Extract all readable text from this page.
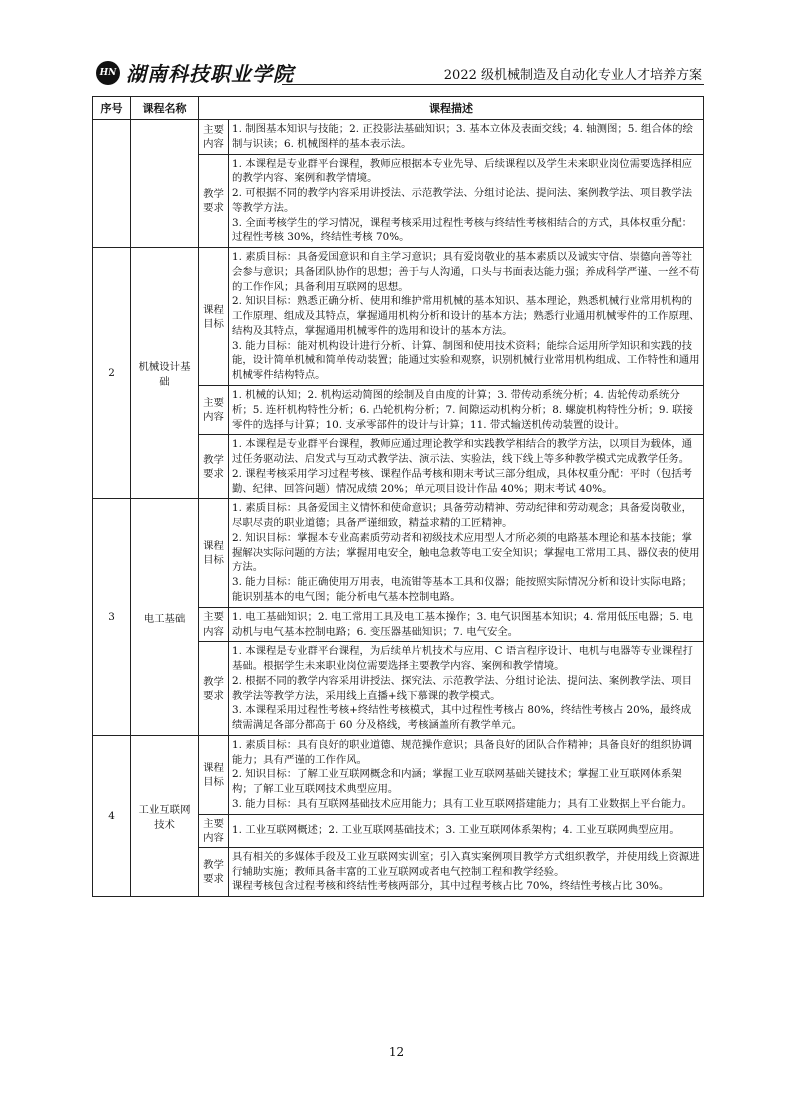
HN 湖南科技职业学院	2022 级机械制造及自动化专业人才培养方案
序号	课程名称	课程描述	
		主要内容	1. 制图基本知识与技能；2. 正投影法基础知识；3. 基本立体及表面交线；4. 轴测图；5. 组合体的绘制与识读；6. 机械图样的基本表示法。
		教学要求	1. 本课程是专业群平台课程，教师应根据本专业先导、后续课程以及学生未来职业岗位需要选择相应的教学内容、案例和教学情境。
2. 可根据不同的教学内容采用讲授法、示范教学法、分组讨论法、提问法、案例教学法、项目教学法等教学方法。
3. 全面考核学生的学习情况，课程考核采用过程性考核与终结性考核相结合的方式，具体权重分配：过程性考核 30%，终结性考核 70%。

2	机械设计基础	课程目标	1. 素质目标：具备爱国意识和自主学习意识；具有爱岗敬业的基本素质以及诚实守信、崇德向善等社会参与意识；具备团队协作的思想；善于与人沟通，口头与书面表达能力强；养成科学严谨、一丝不苟的工作作风；具备利用互联网的思想。
2. 知识目标：熟悉正确分析、使用和维护常用机械的基本知识、基本理论，熟悉机械行业常用机构的工作原理、组成及其特点，掌握通用机构分析和设计的基本方法；熟悉行业通用机械零件的工作原理、结构及其特点，掌握通用机械零件的选用和设计的基本方法。
3. 能力目标：能对机构设计进行分析、计算、制图和使用技术资料；能综合运用所学知识和实践的技能，设计简单机械和简单传动装置；能通过实验和观察，识别机械行业常用机构组成、工作特性和通用机械零件结构特点。

		主要内容	1. 机械的认知；2. 机构运动简图的绘制及自由度的计算；3. 带传动系统分析；4. 齿轮传动系统分析；5. 连杆机构特性分析；6. 凸轮机构分析；7. 间隙运动机构分析；8. 螺旋机构特性分析；9. 联接零件的选择与计算；10. 支承零部件的设计与计算；11. 带式输送机传动装置的设计。
		教学要求	1. 本课程是专业群平台课程，教师应通过理论教学和实践教学相结合的教学方法，以项目为载体，通过任务驱动法、启发式与互动式教学法、演示法、实验法，线下线上等多种教学模式完成教学任务。
2. 课程考核采用学习过程考核、课程作品考核和期末考试三部分组成，具体权重分配：平时（包括考勤、纪律、回答问题）情况成绩 20%；单元项目设计作品 40%；期末考试 40%。

3	电工基础	课程目标	1. 素质目标：具备爱国主义情怀和使命意识；具备劳动精神、劳动纪律和劳动观念；具备爱岗敬业，尽职尽责的职业道德；具备严谨细致，精益求精的工匠精神。
2. 知识目标：掌握本专业高素质劳动者和初级技术应用型人才所必须的电路基本理论和基本技能；掌握解决实际问题的方法；掌握用电安全，触电急救等电工安全知识；掌握电工常用工具、器仪表的使用方法。
3. 能力目标：能正确使用万用表，电流钳等基本工具和仪器；能按照实际情况分析和设计实际电路；能识别基本的电气图；能分析电气基本控制电路。

		主要内容	1. 电工基础知识；2. 电工常用工具及电工基本操作；3. 电气识图基本知识；4. 常用低压电器；5. 电动机与电气基本控制电路；6. 变压器基础知识；7. 电气安全。
		教学要求	1. 本课程是专业群平台课程，为后续单片机技术与应用、C 语言程序设计、电机与电器等专业课程打基础。根据学生未来职业岗位需要选择主要教学内容、案例和教学情境。
2. 根据不同的教学内容采用讲授法、探究法、示范教学法、分组讨论法、提问法、案例教学法、项目教学法等教学方法，采用线上直播+线下慕课的教学模式。
3. 本课程采用过程性考核+终结性考核模式，其中过程性考核占 80%，终结性考核占 20%，最终成绩需满足各部分都高于 60 分及格线，考核涵盖所有教学单元。

4	工业互联网技术	课程目标	1. 素质目标：具有良好的职业道德、规范操作意识；具备良好的团队合作精神；具备良好的组织协调能力；具有严谨的工作作风。
2. 知识目标：了解工业互联网概念和内涵；掌握工业互联网基础关键技术；掌握工业互联网体系架构；了解工业互联网技术典型应用。
3. 能力目标：具有互联网基础技术应用能力；具有工业互联网搭建能力；具有工业数据上平台能力。

		主要内容	1. 工业互联网概述；2. 工业互联网基础技术；3. 工业互联网体系架构；4. 工业互联网典型应用。
		教学要求	具有相关的多媒体手段及工业互联网实训室；引入真实案例项目教学方式组织教学，并使用线上资源进行辅助实施；教师具备丰富的工业互联网或者电气控制工程和教学经验。
课程考核包含过程考核和终结性考核两部分，其中过程考核占比 70%，终结性考核占比 30%。
12
